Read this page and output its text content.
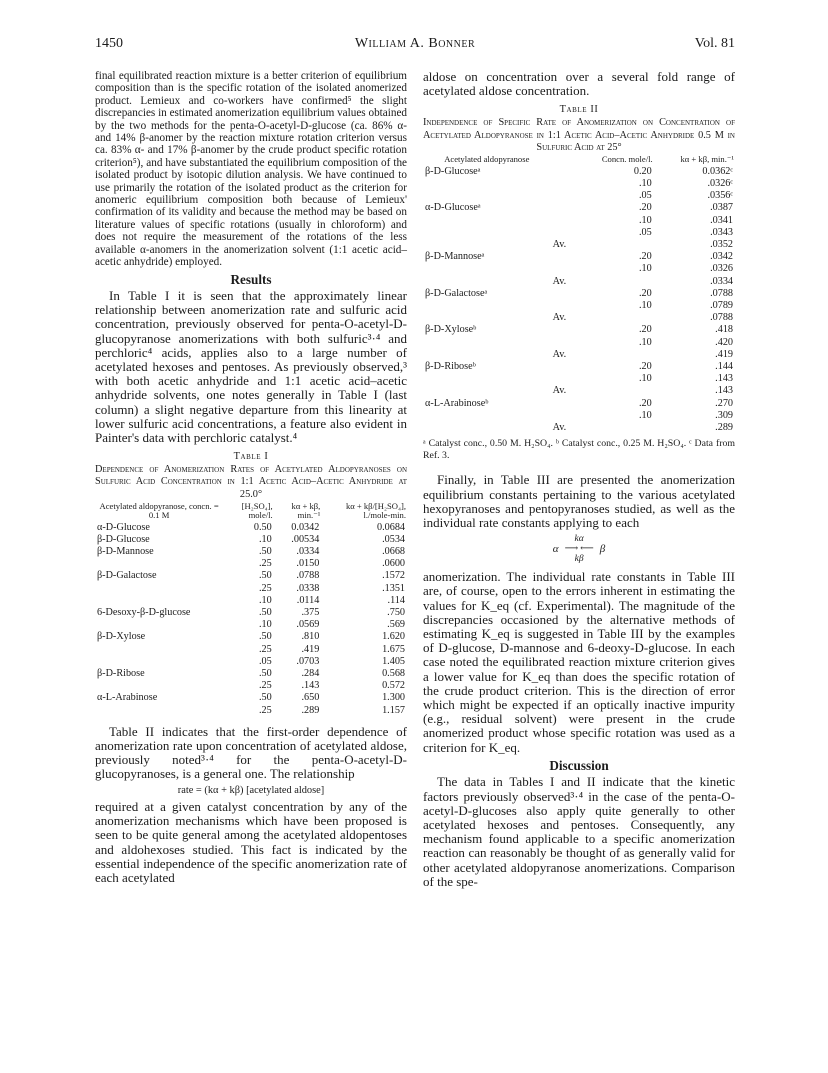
1450	William A. Bonner	Vol. 81

final equilibrated reaction mixture is a better criterion of equilibrium composition than is the specific rotation of the isolated anomerized product. Lemieux and co-workers have confirmed⁵ the slight discrepancies in estimated anomerization equilibrium values obtained by the two methods for the penta-O-acetyl-D-glucose (ca. 86% α- and 14% β-anomer by the reaction mixture rotation criterion versus ca. 83% α- and 17% β-anomer by the crude product specific rotation criterion⁵), and have substantiated the equilibrium composition of the isolated product by isotopic dilution analysis. We have continued to use primarily the rotation of the isolated product as the criterion for anomeric equilibrium composition both because of Lemieux' confirmation of its validity and because the method may be based on literature values of specific rotations (usually in chloroform) and does not require the measurement of the rotations of the less available α-anomers in the anomerization solvent (1:1 acetic acid–acetic anhydride) employed.

Results

In Table I it is seen that the approximately linear relationship between anomerization rate and sulfuric acid concentration, previously observed for penta-O-acetyl-D-glucopyranose anomerizations with both sulfuric³·⁴ and perchloric⁴ acids, applies also to a large number of acetylated hexoses and pentoses. As previously observed,³ with both acetic anhydride and 1:1 acetic acid–acetic anhydride solvents, one notes generally in Table I (last column) a slight negative departure from this linearity at lower sulfuric acid concentrations, a feature also evident in Painter's data with perchloric catalyst.⁴

Table I
Dependence of Anomerization Rates of Acetylated Aldopyranoses on Sulfuric Acid Concentration in 1:1 Acetic Acid–Acetic Anhydride at 25.0°
Acetylated aldopyranose, concn. = 0.1 M	[H₂SO₄], mole/l.	kα + kβ, min.⁻¹	kα + kβ/[H₂SO₄], l./mole-min.
α-D-Glucose	0.50	0.0342	0.0684
β-D-Glucose	.10	.00534	.0534
β-D-Mannose	.50	.0334	.0668
	.25	.0150	.0600
β-D-Galactose	.50	.0788	.1572
	.25	.0338	.1351
	.10	.0114	.114
6-Desoxy-β-D-glucose	.50	.375	.750
	.10	.0569	.569
β-D-Xylose	.50	.810	1.620
	.25	.419	1.675
	.05	.0703	1.405
β-D-Ribose	.50	.284	0.568
	.25	.143	0.572
α-L-Arabinose	.50	.650	1.300
	.25	.289	1.157

Table II indicates that the first-order dependence of anomerization rate upon concentration of acetylated aldose, previously noted³·⁴ for the penta-O-acetyl-D-glucopyranoses, is a general one. The relationship

rate = (kα + kβ) [acetylated aldose]

required at a given catalyst concentration by any of the anomerization mechanisms which have been proposed is seen to be quite general among the acetylated aldopentoses and aldohexoses studied. This fact is indicated by the essential independence of the specific anomerization rate of each acetylated

aldose on concentration over a several fold range of acetylated aldose concentration.

Table II
Independence of Specific Rate of Anomerization on Concentration of Acetylated Aldopyranose in 1:1 Acetic Acid–Acetic Anhydride 0.5 M in Sulfuric Acid at 25°
Acetylated aldopyranose		Concn. mole/l.	kα + kβ, min.⁻¹
β-D-Glucoseᵃ		0.20	0.0362ᶜ
		.10	.0326ᶜ
		.05	.0356ᶜ
α-D-Glucoseᵃ		.20	.0387
		.10	.0341
		.05	.0343
	Av.		.0352
β-D-Mannoseᵃ		.20	.0342
		.10	.0326
	Av.		.0334
β-D-Galactoseᵃ		.20	.0788
		.10	.0789
	Av.		.0788
β-D-Xyloseᵇ		.20	.418
		.10	.420
	Av.		.419
β-D-Riboseᵇ		.20	.144
		.10	.143
	Av.		.143
α-L-Arabinoseᵇ		.20	.270
		.10	.309
	Av.		.289
ᵃ Catalyst conc., 0.50 M. H₂SO₄. ᵇ Catalyst conc., 0.25 M. H₂SO₄. ᶜ Data from Ref. 3.

Finally, in Table III are presented the anomerization equilibrium constants pertaining to the various acetylated hexopyranoses and pentopyranoses studied, as well as the individual rate constants applying to each

α
kα
⟶ ⟵
kβ
β

anomerization. The individual rate constants in Table III are, of course, open to the errors inherent in estimating the values for K_eq (cf. Experimental). The magnitude of the discrepancies occasioned by the alternative methods of estimating K_eq is suggested in Table III by the examples of D-glucose, D-mannose and 6-deoxy-D-glucose. In each case noted the equilibrated reaction mixture criterion gives a lower value for K_eq than does the specific rotation of the crude product criterion. This is the direction of error which might be expected if an optically inactive impurity (e.g., residual solvent) were present in the crude anomerized product whose specific rotation was used as a criterion for K_eq.

Discussion

The data in Tables I and II indicate that the kinetic factors previously observed³·⁴ in the case of the penta-O-acetyl-D-glucoses also apply quite generally to other acetylated hexoses and pentoses. Consequently, any mechanism found applicable to a specific anomerization reaction can reasonably be thought of as generally valid for other acetylated aldopyranose anomerizations. Comparison of the spe-
